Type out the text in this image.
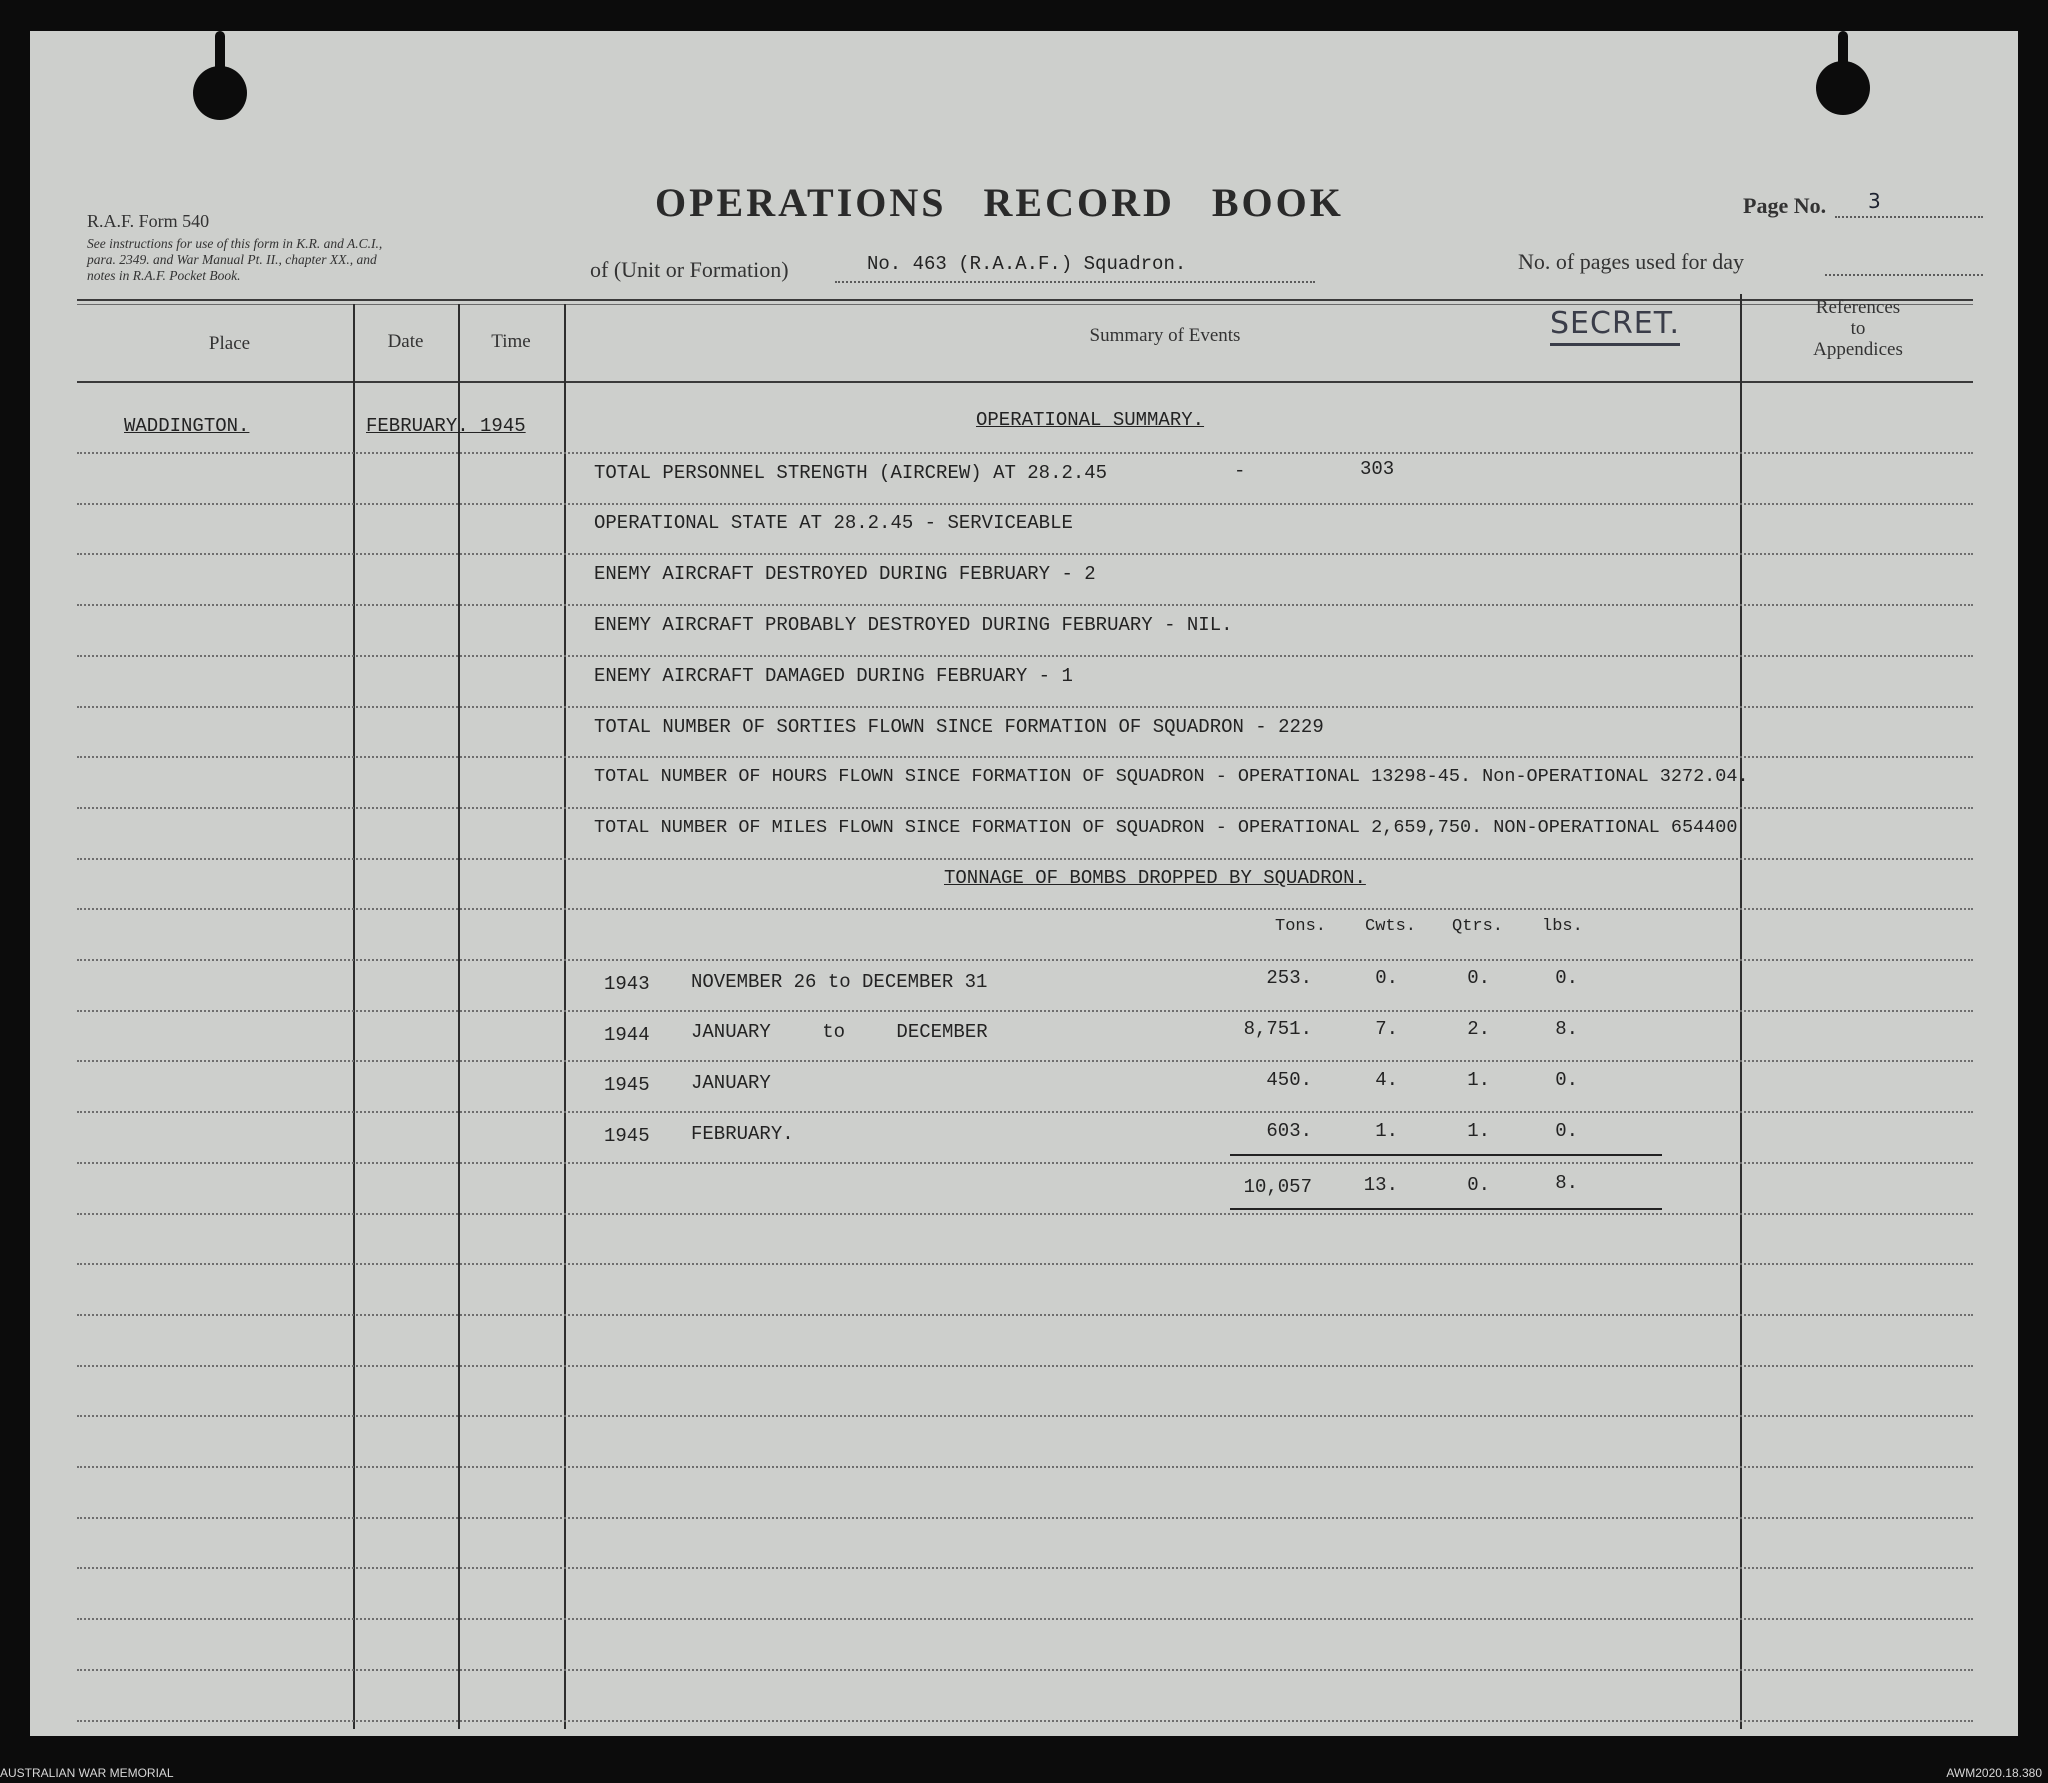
R.A.F. Form 540
See instructions for use of this form in K.R. and A.C.I.,
para. 2349. and War Manual Pt. II., chapter XX., and
notes in R.A.F. Pocket Book.
OPERATIONS RECORD BOOK	Page No. 3
of (Unit or Formation)	No. 463 (R.A.A.F.) Squadron.	No. of pages used for day
Place	Date	Time	Summary of Events	SECRET.	References
to
Appendices
WADDINGTON.	FEBRUARY. 1945	OPERATIONAL SUMMARY.
TOTAL PERSONNEL STRENGTH (AIRCREW) AT 28.2.45	-	303
OPERATIONAL STATE AT 28.2.45 - SERVICEABLE
ENEMY AIRCRAFT DESTROYED DURING FEBRUARY - 2
ENEMY AIRCRAFT PROBABLY DESTROYED DURING FEBRUARY - NIL.
ENEMY AIRCRAFT DAMAGED DURING FEBRUARY - 1
TOTAL NUMBER OF SORTIES FLOWN SINCE FORMATION OF SQUADRON - 2229
TOTAL NUMBER OF HOURS FLOWN SINCE FORMATION OF SQUADRON - OPERATIONAL 13298-45. Non-OPERATIONAL 3272.04.
TOTAL NUMBER OF MILES FLOWN SINCE FORMATION OF SQUADRON - OPERATIONAL 2,659,750. NON-OPERATIONAL 654400
TONNAGE OF BOMBS DROPPED BY SQUADRON.
Tons. Cwts. Qtrs. lbs.
1943 NOVEMBER 26 to DECEMBER 31	253.	0.	0.	0.
1944 JANUARY to DECEMBER	8,751.	7.	2.	8.
1945 JANUARY	450.	4.	1.	0.
1945 FEBRUARY.	603.	1.	1.	0.
10,057	13.	0.	8.
AUSTRALIAN WAR MEMORIAL	AWM2020.18.380
